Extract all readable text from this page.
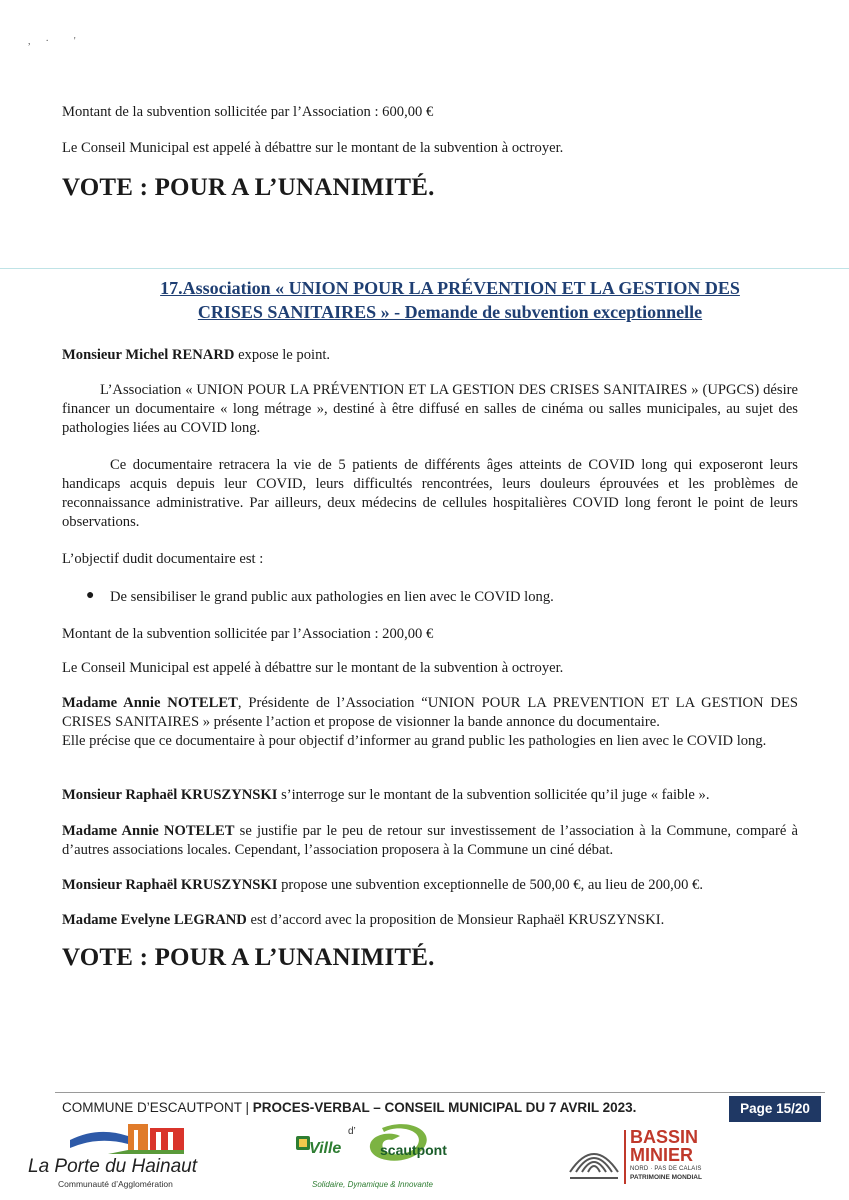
,      ·          '

Montant de la subvention sollicitée par l’Association : 600,00 €

Le Conseil Municipal est appelé à débattre sur le montant de la subvention à octroyer.

VOTE : POUR A L’UNANIMITÉ.

17.Association « UNION POUR LA PRÉVENTION ET LA GESTION DES

CRISES SANITAIRES » - Demande de subvention exceptionnelle

Monsieur Michel RENARD expose le point.

L’Association « UNION POUR LA PRÉVENTION ET LA GESTION DES CRISES SANITAIRES » (UPGCS) désire financer un documentaire « long métrage », destiné à être diffusé en salles de cinéma ou salles municipales, au sujet des pathologies liées au COVID long.

Ce documentaire retracera la vie de 5 patients de différents âges atteints de COVID long qui exposeront leurs handicaps acquis depuis leur COVID, leurs difficultés rencontrées, leurs douleurs éprouvées et les problèmes de reconnaissance administrative. Par ailleurs, deux médecins de cellules hospitalières COVID long feront le point de leurs observations.

L’objectif dudit documentaire est :

● De sensibiliser le grand public aux pathologies en lien avec le COVID long.

Montant de la subvention sollicitée par l’Association : 200,00 €

Le Conseil Municipal est appelé à débattre sur le montant de la subvention à octroyer.

Madame Annie NOTELET, Présidente de l’Association “UNION POUR LA PREVENTION ET LA GESTION DES CRISES SANITAIRES » présente l’action et propose de visionner la bande annonce du documentaire.
Elle précise que ce documentaire à pour objectif d’informer au grand public les pathologies en lien avec le COVID long.

Monsieur Raphaël KRUSZYNSKI s’interroge sur le montant de la subvention sollicitée qu’il juge « faible ».

Madame Annie NOTELET se justifie par le peu de retour sur investissement de l’association à la Commune, comparé à d’autres associations locales. Cependant, l’association proposera à la Commune un ciné débat.

Monsieur Raphaël KRUSZYNSKI propose une subvention exceptionnelle de 500,00 €, au lieu de 200,00 €.

Madame Evelyne LEGRAND est d’accord avec la proposition de Monsieur Raphaël KRUSZYNSKI.

VOTE : POUR A L’UNANIMITÉ.

COMMUNE D’ESCAUTPONT | PROCES-VERBAL – CONSEIL MUNICIPAL DU 7 AVRIL 2023.	Page 15/20
La Porte du Hainaut
Communauté d’Agglomération
Ville
d’
scautpont
Solidaire, Dynamique & Innovante
BASSIN
MINIER
NORD · PAS DE CALAIS
PATRIMOINE MONDIAL
